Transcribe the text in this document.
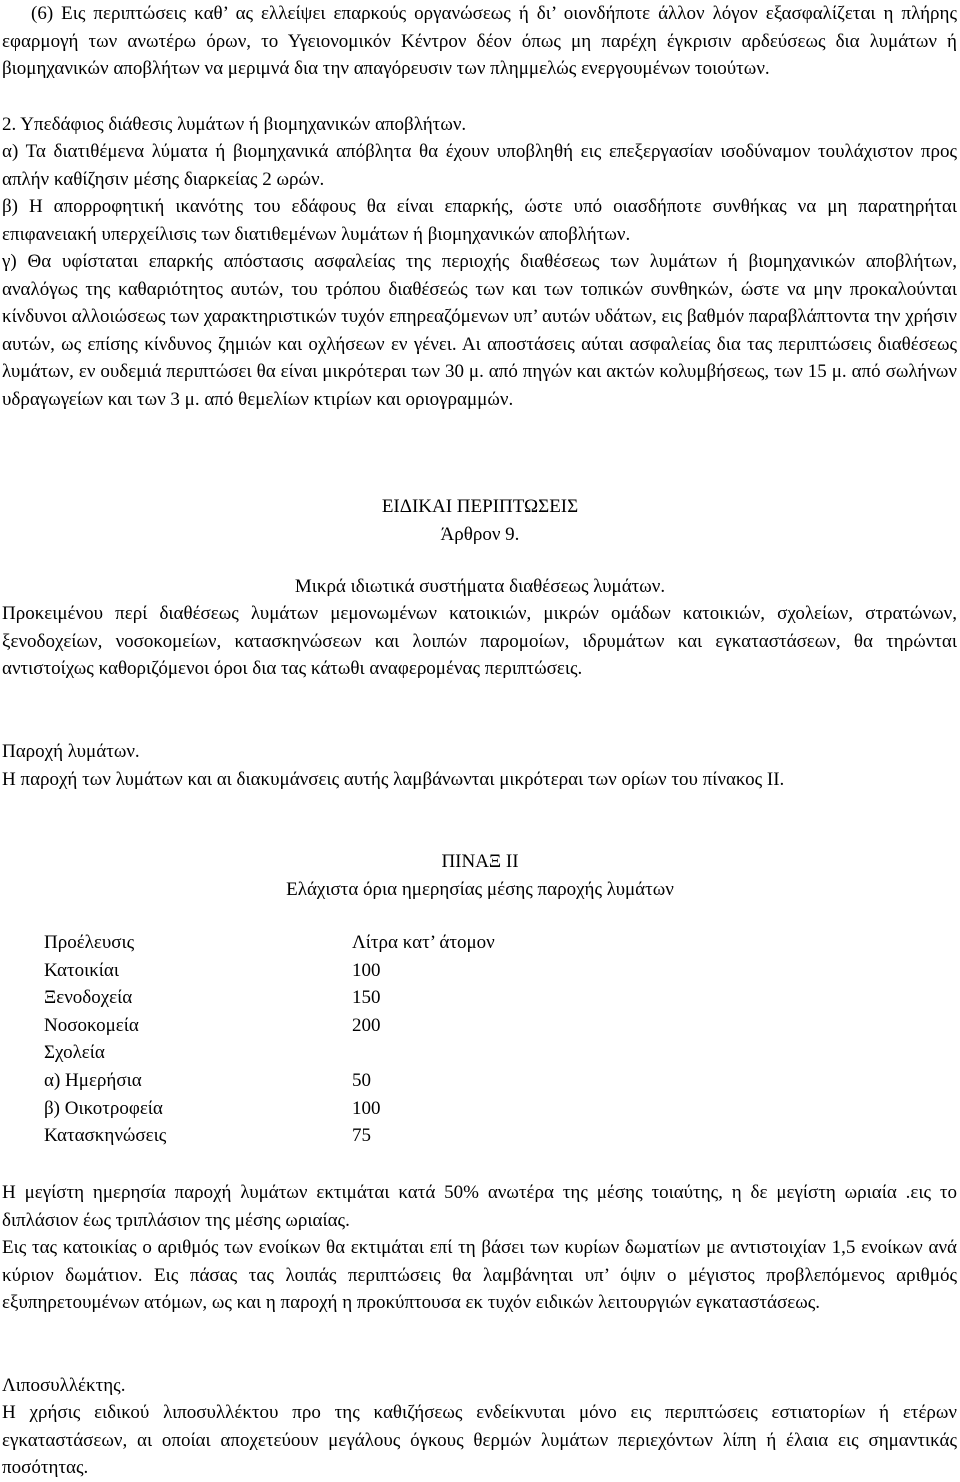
(6) Εις περιπτώσεις καθ’ ας ελλείψει επαρκούς οργανώσεως ή δι’ οιονδήποτε άλλον λόγον εξασφαλίζεται η πλήρης εφαρμογή των ανωτέρω όρων, το Υγειονομικόν Κέντρον δέον όπως μη παρέχη έγκρισιν αρδεύσεως δια λυμάτων ή βιομηχανικών αποβλήτων να μεριμνά δια την απαγόρευσιν των πλημμελώς ενεργουμένων τοιούτων.

2. Υπεδάφιος διάθεσις λυμάτων ή βιομηχανικών αποβλήτων.

α) Τα διατιθέμενα λύματα ή βιομηχανικά απόβλητα θα έχουν υποβληθή εις επεξεργασίαν ισοδύναμον τουλάχιστον προς απλήν καθίζησιν μέσης διαρκείας 2 ωρών.

β) Η απορροφητική ικανότης του εδάφους θα είναι επαρκής, ώστε υπό οιασδήποτε συνθήκας να μη παρατηρήται επιφανειακή υπερχείλισις των διατιθεμένων λυμάτων ή βιομηχανικών αποβλήτων.

γ) Θα υφίσταται επαρκής απόστασις ασφαλείας της περιοχής διαθέσεως των λυμάτων ή βιομηχανικών αποβλήτων, αναλόγως της καθαριότητος αυτών, του τρόπου διαθέσεώς των και των τοπικών συνθηκών, ώστε να μην προκαλούνται κίνδυνοι αλλοιώσεως των χαρακτηριστικών τυχόν επηρεαζόμενων υπ’ αυτών υδάτων, εις βαθμόν παραβλάπτοντα την χρήσιν αυτών, ως επίσης κίνδυνος ζημιών και οχλήσεων εν γένει. Αι αποστάσεις αύται ασφαλείας δια τας περιπτώσεις διαθέσεως λυμάτων, εν ουδεμιά περιπτώσει θα είναι μικρότεραι των 30 μ. από πηγών και ακτών κολυμβήσεως, των 15 μ. από σωλήνων υδραγωγείων και των 3 μ. από θεμελίων κτιρίων και οριογραμμών.

ΕΙΔΙΚΑΙ ΠΕΡΙΠΤΩΣΕΙΣ

Άρθρον 9.

Μικρά ιδιωτικά συστήματα διαθέσεως λυμάτων.

Προκειμένου περί διαθέσεως λυμάτων μεμονωμένων κατοικιών, μικρών ομάδων κατοικιών, σχολείων, στρατώνων, ξενοδοχείων, νοσοκομείων, κατασκηνώσεων και λοιπών παρομοίων, ιδρυμάτων και εγκαταστάσεων, θα τηρώνται αντιστοίχως καθοριζόμενοι όροι δια τας κάτωθι αναφερομένας περιπτώσεις.

Παροχή λυμάτων.

Η παροχή των λυμάτων και αι διακυμάνσεις αυτής λαμβάνωνται μικρότεραι των ορίων του πίνακος ΙΙ.

ΠΙΝΑΞ ΙΙ

Ελάχιστα όρια ημερησίας μέσης παροχής λυμάτων

Προέλευσις	Λίτρα κατ’ άτομον
Κατοικίαι	100
Ξενοδοχεία	150
Νοσοκομεία	200
Σχολεία
α) Ημερήσια	50
β) Οικοτροφεία	100
Κατασκηνώσεις	75

Η μεγίστη ημερησία παροχή λυμάτων εκτιμάται κατά 50% ανωτέρα της μέσης τοιαύτης, η δε μεγίστη ωριαία .εις το διπλάσιον έως τριπλάσιον της μέσης ωριαίας.

Εις τας κατοικίας ο αριθμός των ενοίκων θα εκτιμάται επί τη βάσει των κυρίων δωματίων με αντιστοιχίαν 1,5 ενοίκων ανά κύριον δωμάτιον. Εις πάσας τας λοιπάς περιπτώσεις θα λαμβάνηται υπ’ όψιν ο μέγιστος προβλεπόμενος αριθμός εξυπηρετουμένων ατόμων, ως και η παροχή η προκύπτουσα εκ τυχόν ειδικών λειτουργιών εγκαταστάσεως.

Λιποσυλλέκτης.

Η χρήσις ειδικού λιποσυλλέκτου προ της καθιζήσεως ενδείκνυται μόνο εις περιπτώσεις εστιατορίων ή ετέρων εγκαταστάσεων, αι οποίαι αποχετεύουν μεγάλους όγκους θερμών λυμάτων περιεχόντων λίπη ή έλαια εις σημαντικάς ποσότητας.
